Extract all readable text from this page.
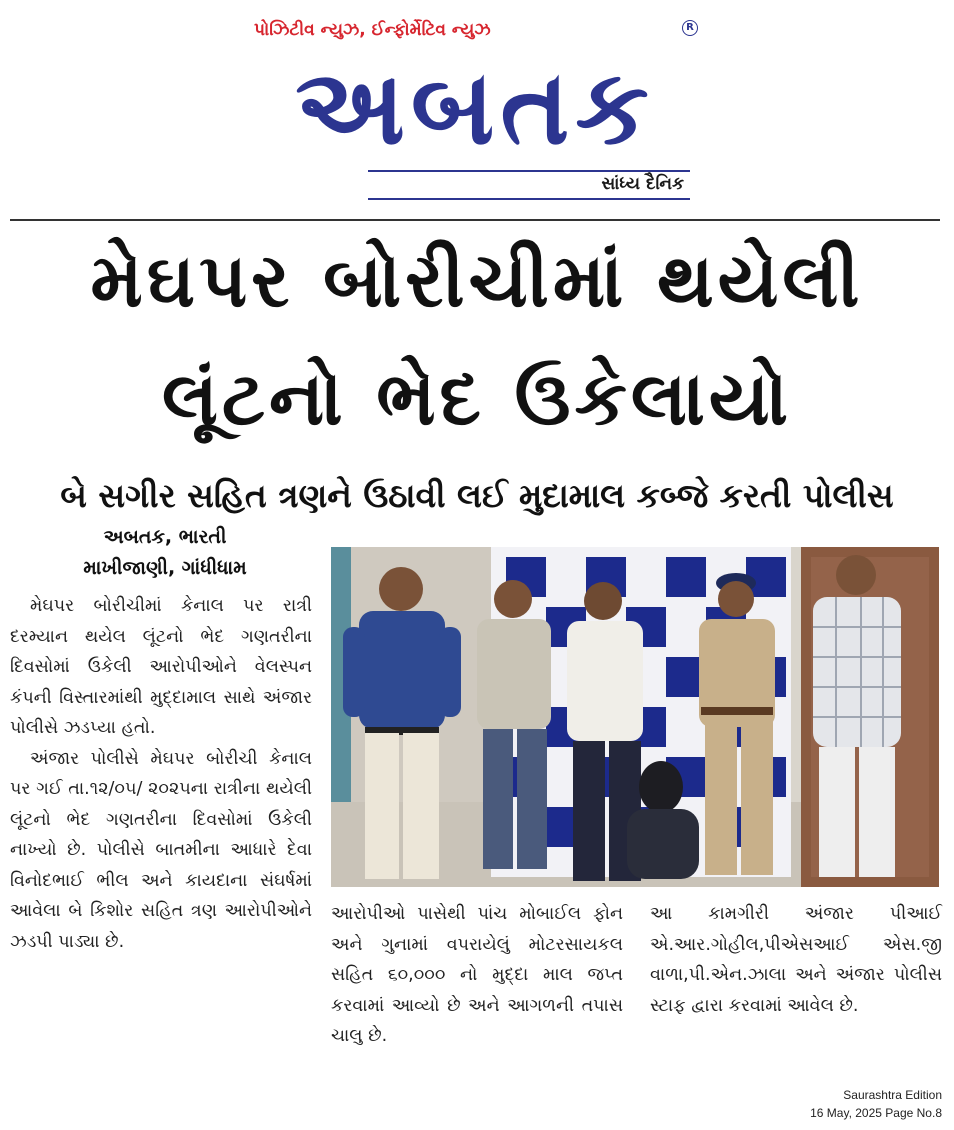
પોઝિટીવ ન્યુઝ, ઈન્ફોર્મેટિવ ન્યુઝ	R
અબતક
સાંધ્ય દૈનિક
મેઘપર બોરીચીમાં થયેલી
લૂંટનો ભેદ ઉકેલાયો
બે સગીર સહિત ત્રણને ઉઠાવી લઈ મુદામાલ કબ્જે કરતી પોલીસ
અબતક, ભારતી
માખીજાણી, ગાંધીધામ

મેઘપર બોરીચીમાં કેનાલ પર રાત્રી દરમ્યાન થયેલ લૂંટનો ભેદ ગણતરીના દિવસોમાં ઉકેલી આરોપીઓને વેલસ્પન કંપની વિસ્તારમાંથી મુદ્દામાલ સાથે અંજાર પોલીસે ઝડપ્યા હતો.

અંજાર પોલીસે મેઘપર બોરીચી કેનાલ પર ગઈ તા.૧૨/૦૫/ ૨૦૨૫ના રાત્રીના થયેલી લૂંટનો ભેદ ગણતરીના દિવસોમાં ઉકેલી નાખ્યો છે. પોલીસે બાતમીના આધારે દેવા વિનોદભાઈ ભીલ અને કાયદાના સંઘર્ષમાં આવેલા બે કિશોર સહિત ત્રણ આરોપીઓને ઝડપી પાડ્યા છે.

આરોપીઓ પાસેથી પાંચ મોબાઈલ ફોન અને ગુનામાં વપરાયેલું મોટરસાયકલ સહિત ૬૦,૦૦૦ નો મુદ્દા માલ જપ્ત કરવામાં આવ્યો છે અને આગળની તપાસ ચાલુ છે.

આ કામગીરી અંજાર પીઆઈ એ.આર.ગોહીલ,પીએસઆઈ એસ.જી વાળા,પી.એન.ઝાલા અને અંજાર પોલીસ સ્ટાફ દ્વારા કરવામાં આવેલ છે.

Saurashtra Edition
16 May, 2025 Page No.8
